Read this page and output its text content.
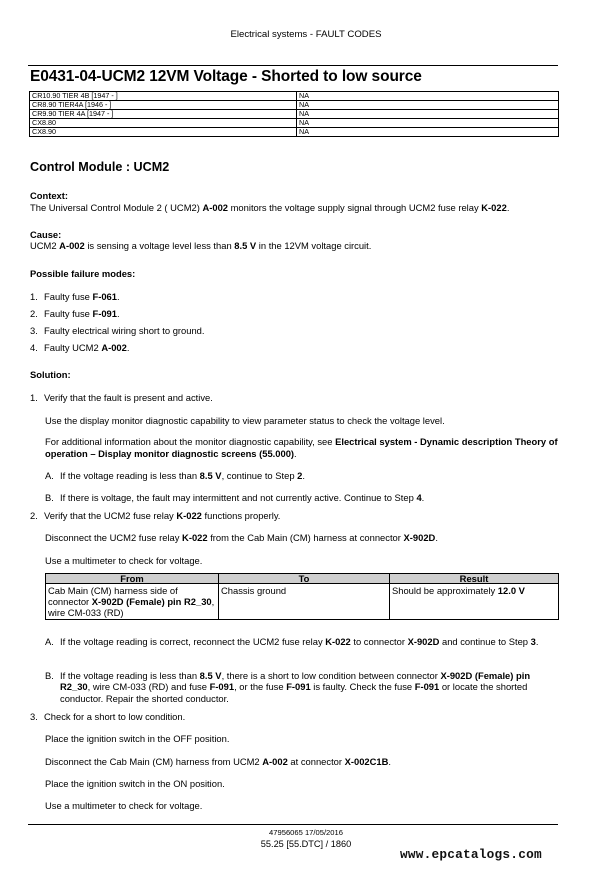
Electrical systems - FAULT CODES
E0431-04-UCM2 12VM Voltage - Shorted to low source
CR10.90 TIER 4B [1947 - ]	NA
CR8.90 TIER4A [1946 - ]	NA
CR9.90 TIER 4A [1947 - ]	NA
CX8.80	NA
CX8.90	NA
Control Module : UCM2
Context:
The Universal Control Module 2 ( UCM2) A-002 monitors the voltage supply signal through UCM2 fuse relay K-022.
Cause:
UCM2 A-002 is sensing a voltage level less than 8.5 V in the 12VM voltage circuit.
Possible failure modes:
1. Faulty fuse F-061.
2. Faulty fuse F-091.
3. Faulty electrical wiring short to ground.
4. Faulty UCM2 A-002.
Solution:
1. Verify that the fault is present and active.
Use the display monitor diagnostic capability to view parameter status to check the voltage level.
For additional information about the monitor diagnostic capability, see Electrical system - Dynamic description Theory of operation – Display monitor diagnostic screens (55.000).
A. If the voltage reading is less than 8.5 V, continue to Step 2.
B. If there is voltage, the fault may intermittent and not currently active. Continue to Step 4.
2. Verify that the UCM2 fuse relay K-022 functions properly.
Disconnect the UCM2 fuse relay K-022 from the Cab Main (CM) harness at connector X-902D.
Use a multimeter to check for voltage.
From	To	Result
Cab Main (CM) harness side of connector X-902D (Female) pin R2_30, wire CM-033 (RD)	Chassis ground	Should be approximately 12.0 V
A. If the voltage reading is correct, reconnect the UCM2 fuse relay K-022 to connector X-902D and continue to Step 3.
B. If the voltage reading is less than 8.5 V, there is a short to low condition between connector X-902D (Female) pin R2_30, wire CM-033 (RD) and fuse F-091, or the fuse F-091 is faulty. Check the fuse F-091 or locate the shorted conductor. Repair the shorted conductor.
3. Check for a short to low condition.
Place the ignition switch in the OFF position.
Disconnect the Cab Main (CM) harness from UCM2 A-002 at connector X-002C1B.
Place the ignition switch in the ON position.
Use a multimeter to check for voltage.
47956065 17/05/2016
55.25 [55.DTC] / 1860
www.epcatalogs.com
